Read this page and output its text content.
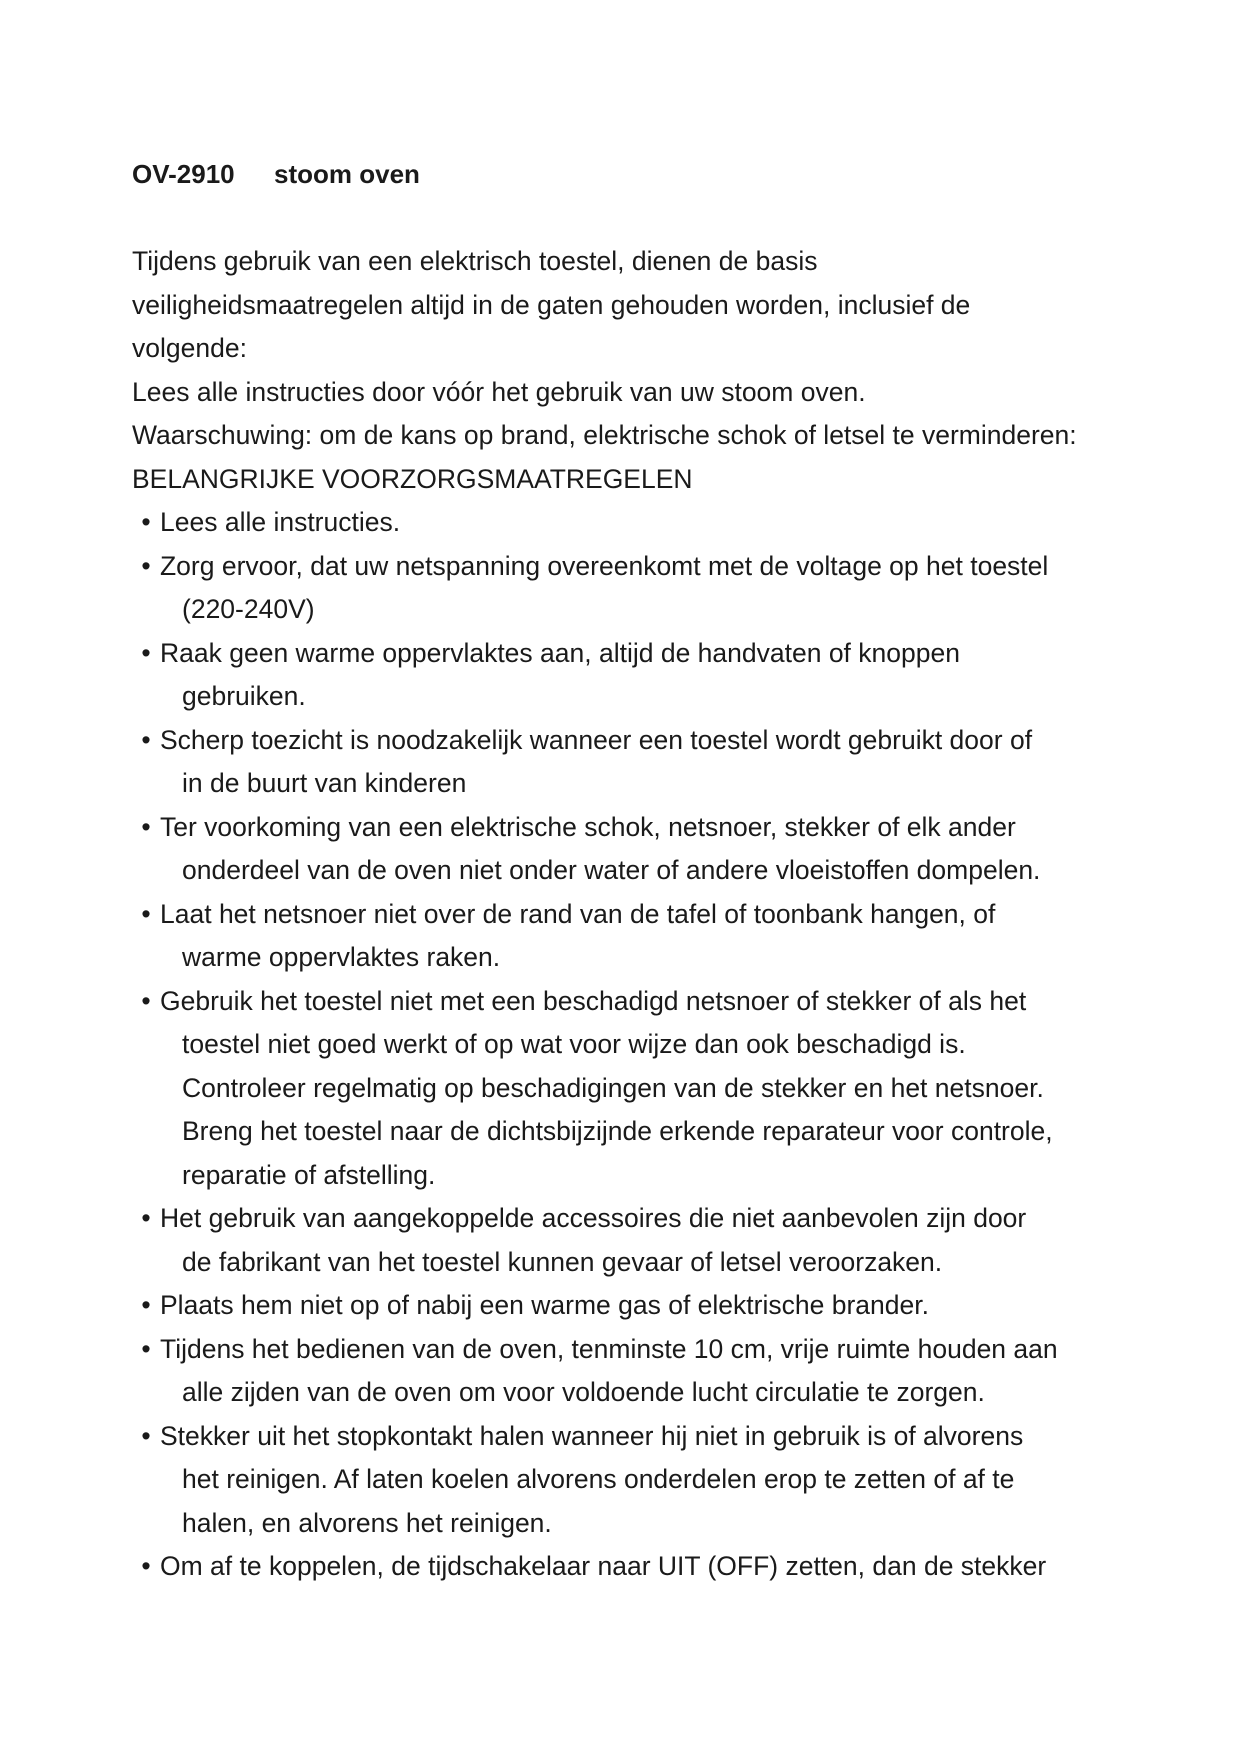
OV-2910 stoom oven

Tijdens gebruik van een elektrisch toestel, dienen de basis

veiligheidsmaatregelen altijd in de gaten gehouden worden, inclusief de

volgende:

Lees alle instructies door vóór het gebruik van uw stoom oven.

Waarschuwing: om de kans op brand, elektrische schok of letsel te verminderen:

BELANGRIJKE VOORZORGSMAATREGELEN

• Lees alle instructies.
• Zorg ervoor, dat uw netspanning overeenkomt met de voltage op het toestel
(220-240V)
• Raak geen warme oppervlaktes aan, altijd de handvaten of knoppen
gebruiken.
• Scherp toezicht is noodzakelijk wanneer een toestel wordt gebruikt door of
in de buurt van kinderen
• Ter voorkoming van een elektrische schok, netsnoer, stekker of elk ander
onderdeel van de oven niet onder water of andere vloeistoffen dompelen.
• Laat het netsnoer niet over de rand van de tafel of toonbank hangen, of
warme oppervlaktes raken.
• Gebruik het toestel niet met een beschadigd netsnoer of stekker of als het
toestel niet goed werkt of op wat voor wijze dan ook beschadigd is.
Controleer regelmatig op beschadigingen van de stekker en het netsnoer.
Breng het toestel naar de dichtsbijzijnde erkende reparateur voor controle,
reparatie of afstelling.
• Het gebruik van aangekoppelde accessoires die niet aanbevolen zijn door
de fabrikant van het toestel kunnen gevaar of letsel veroorzaken.
• Plaats hem niet op of nabij een warme gas of elektrische brander.
• Tijdens het bedienen van de oven, tenminste 10 cm, vrije ruimte houden aan
alle zijden van de oven om voor voldoende lucht circulatie te zorgen.
• Stekker uit het stopkontakt halen wanneer hij niet in gebruik is of alvorens
het reinigen. Af laten koelen alvorens onderdelen erop te zetten of af te
halen, en alvorens het reinigen.
• Om af te koppelen, de tijdschakelaar naar UIT (OFF) zetten, dan de stekker
